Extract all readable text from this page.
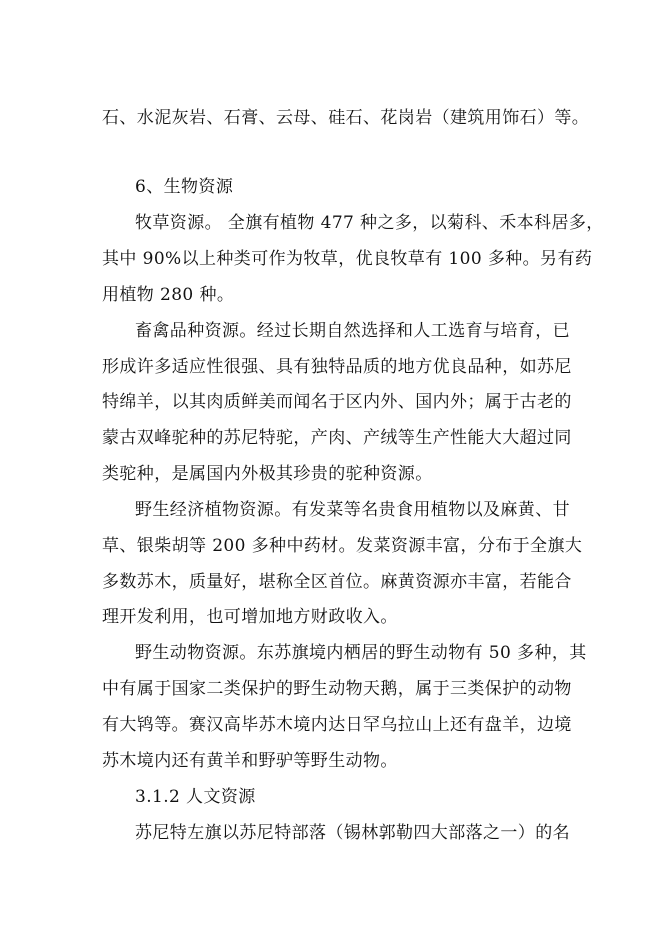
石、水泥灰岩、石膏、云母、硅石、花岗岩（建筑用饰石）等。
6、生物资源
牧草资源。 全旗有植物 477 种之多，以菊科、禾本科居多，
其中 90%以上种类可作为牧草，优良牧草有 100 多种。另有药
用植物 280 种。
畜禽品种资源。经过长期自然选择和人工选育与培育，已
形成许多适应性很强、具有独特品质的地方优良品种，如苏尼
特绵羊，以其肉质鲜美而闻名于区内外、国内外；属于古老的
蒙古双峰驼种的苏尼特驼，产肉、产绒等生产性能大大超过同
类驼种，是属国内外极其珍贵的驼种资源。
野生经济植物资源。有发菜等名贵食用植物以及麻黄、甘
草、银柴胡等 200 多种中药材。发菜资源丰富，分布于全旗大
多数苏木，质量好，堪称全区首位。麻黄资源亦丰富，若能合
理开发利用，也可增加地方财政收入。
野生动物资源。东苏旗境内栖居的野生动物有 50 多种，其
中有属于国家二类保护的野生动物天鹅，属于三类保护的动物
有大鸨等。赛汉高毕苏木境内达日罕乌拉山上还有盘羊，边境
苏木境内还有黄羊和野驴等野生动物。
3.1.2 人文资源
苏尼特左旗以苏尼特部落（锡林郭勒四大部落之一）的名
